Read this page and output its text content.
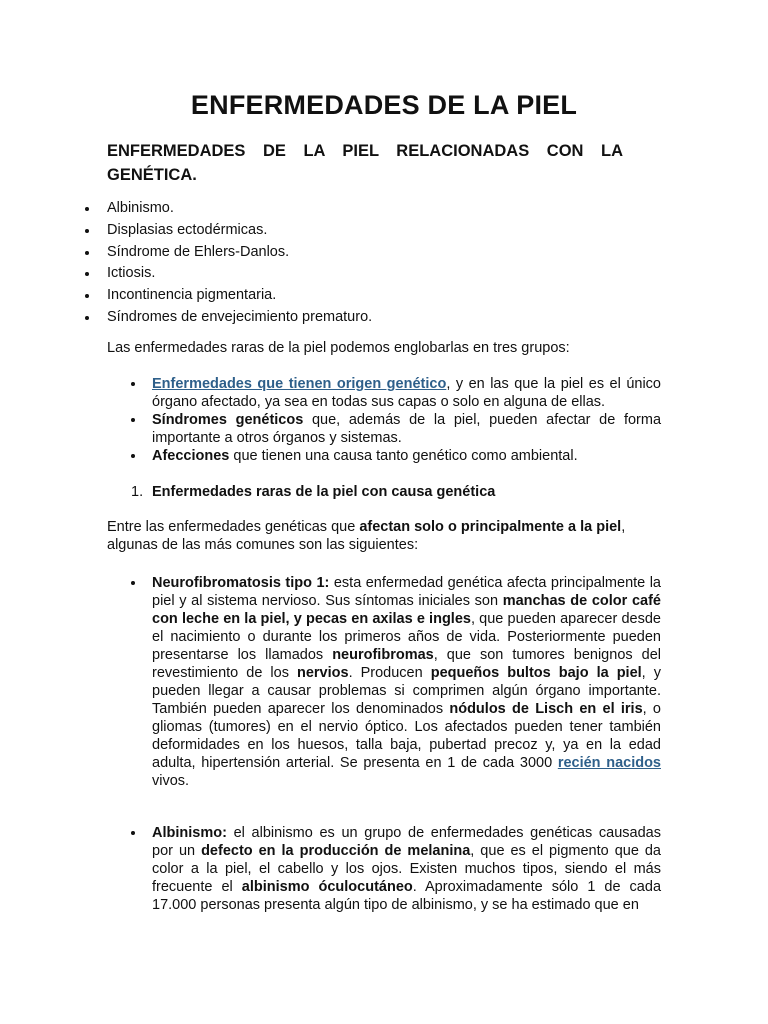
ENFERMEDADES DE LA PIEL
ENFERMEDADES DE LA PIEL RELACIONADAS CON LA GENÉTICA.
Albinismo.
Displasias ectodérmicas.
Síndrome de Ehlers-Danlos.
Ictiosis.
Incontinencia pigmentaria.
Síndromes de envejecimiento prematuro.
Las enfermedades raras de la piel podemos englobarlas en tres grupos:
Enfermedades que tienen origen genético, y en las que la piel es el único órgano afectado, ya sea en todas sus capas o solo en alguna de ellas.
Síndromes genéticos que, además de la piel, pueden afectar de forma importante a otros órganos y sistemas.
Afecciones que tienen una causa tanto genético como ambiental.
1. Enfermedades raras de la piel con causa genética
Entre las enfermedades genéticas que afectan solo o principalmente a la piel, algunas de las más comunes son las siguientes:
Neurofibromatosis tipo 1: esta enfermedad genética afecta principalmente la piel y al sistema nervioso. Sus síntomas iniciales son manchas de color café con leche en la piel, y pecas en axilas e ingles, que pueden aparecer desde el nacimiento o durante los primeros años de vida. Posteriormente pueden presentarse los llamados neurofibromas, que son tumores benignos del revestimiento de los nervios. Producen pequeños bultos bajo la piel, y pueden llegar a causar problemas si comprimen algún órgano importante. También pueden aparecer los denominados nódulos de Lisch en el iris, o gliomas (tumores) en el nervio óptico. Los afectados pueden tener también deformidades en los huesos, talla baja, pubertad precoz y, ya en la edad adulta, hipertensión arterial. Se presenta en 1 de cada 3000 recién nacidos vivos.
Albinismo: el albinismo es un grupo de enfermedades genéticas causadas por un defecto en la producción de melanina, que es el pigmento que da color a la piel, el cabello y los ojos. Existen muchos tipos, siendo el más frecuente el albinismo óculocutáneo. Aproximadamente sólo 1 de cada 17.000 personas presenta algún tipo de albinismo, y se ha estimado que en
